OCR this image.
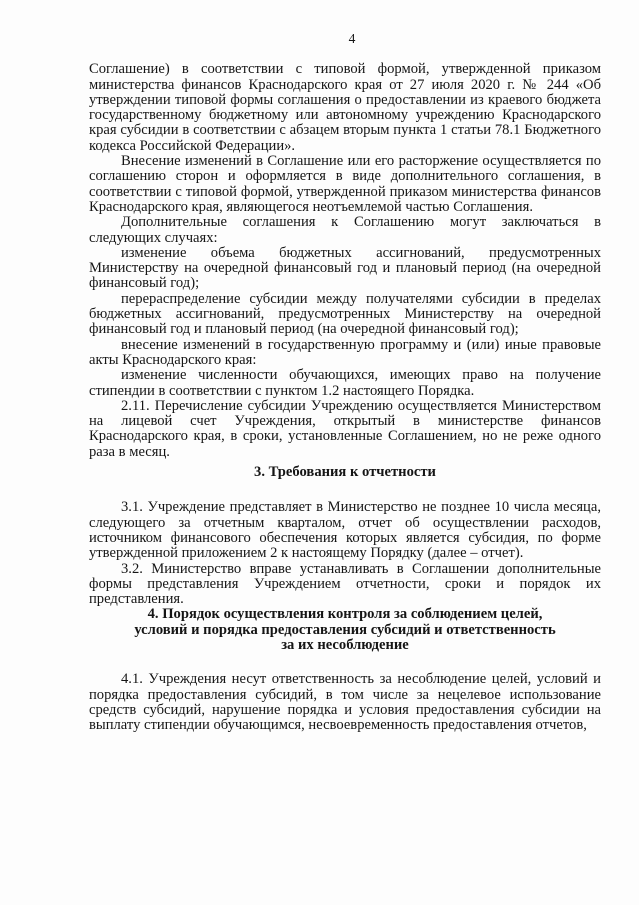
4

Соглашение) в соответствии с типовой формой, утвержденной приказом министерства финансов Краснодарского края от 27 июля 2020 г. № 244 «Об утверждении типовой формы соглашения о предоставлении из краевого бюджета государственному бюджетному или автономному учреждению Краснодарского края субсидии в соответствии с абзацем вторым пункта 1 статьи 78.1 Бюджетного кодекса Российской Федерации».

Внесение изменений в Соглашение или его расторжение осуществляется по соглашению сторон и оформляется в виде дополнительного соглашения, в соответствии с типовой формой, утвержденной приказом министерства финансов Краснодарского края, являющегося неотъемлемой частью Соглашения.

Дополнительные соглашения к Соглашению могут заключаться в следующих случаях:

изменение объема бюджетных ассигнований, предусмотренных Министерству на очередной финансовый год и плановый период (на очередной финансовый год);

перераспределение субсидии между получателями субсидии в пределах бюджетных ассигнований, предусмотренных Министерству на очередной финансовый год и плановый период (на очередной финансовый год);

внесение изменений в государственную программу и (или) иные правовые акты Краснодарского края:

изменение численности обучающихся, имеющих право на получение стипендии в соответствии с пунктом 1.2 настоящего Порядка.

2.11. Перечисление субсидии Учреждению осуществляется Министерством на лицевой счет Учреждения, открытый в министерстве финансов Краснодарского края, в сроки, установленные Соглашением, но не реже одного раза в месяц.

3. Требования к отчетности

3.1. Учреждение представляет в Министерство не позднее 10 числа месяца, следующего за отчетным кварталом, отчет об осуществлении расходов, источником финансового обеспечения которых является субсидия, по форме утвержденной приложением 2 к настоящему Порядку (далее – отчет).

3.2. Министерство вправе устанавливать в Соглашении дополнительные формы представления Учреждением отчетности, сроки и порядок их представления.

4. Порядок осуществления контроля за соблюдением целей,
условий и порядка предоставления субсидий и ответственность
за их несоблюдение

4.1. Учреждения несут ответственность за несоблюдение целей, условий и порядка предоставления субсидий, в том числе за нецелевое использование средств субсидий, нарушение порядка и условия предоставления субсидии на выплату стипендии обучающимся, несвоевременность предоставления отчетов,
